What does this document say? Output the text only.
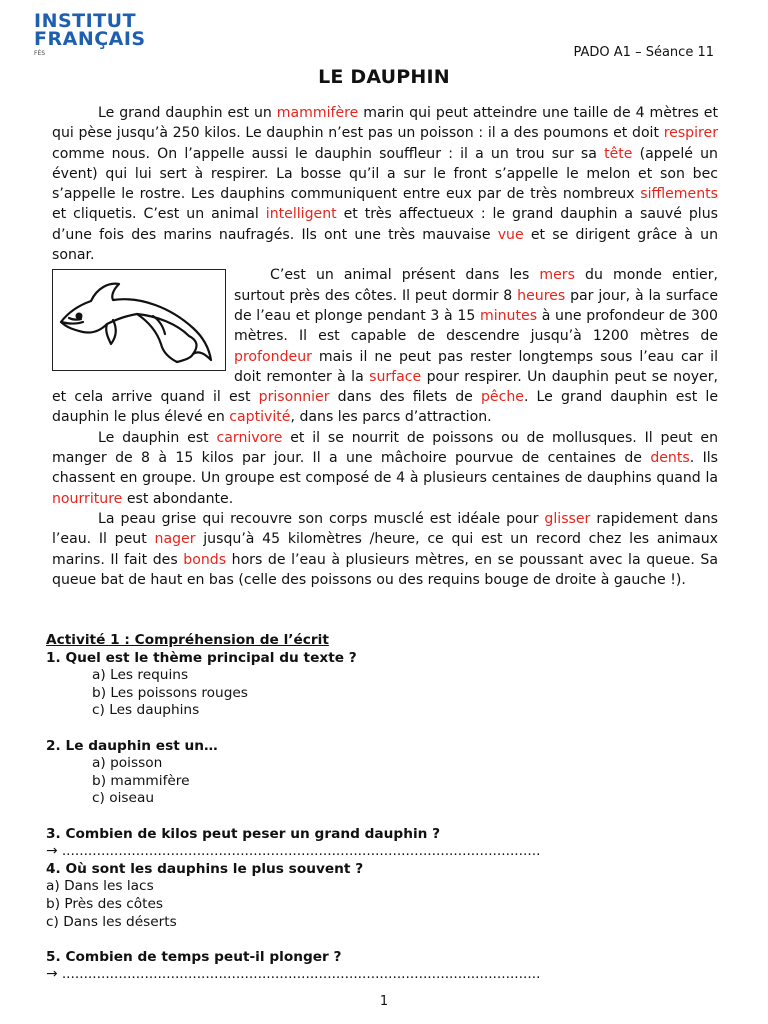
INSTITUT
FRANÇAIS
FÈS	PADO A1 – Séance 11
LE DAUPHIN

Le grand dauphin est un mammifère marin qui peut atteindre une taille de 4 mètres et qui pèse jusqu’à 250 kilos. Le dauphin n’est pas un poisson : il a des poumons et doit respirer comme nous. On l’appelle aussi le dauphin souffleur : il a un trou sur sa tête (appelé un évent) qui lui sert à respirer. La bosse qu’il a sur le front s’appelle le melon et son bec s’appelle le rostre. Les dauphins communiquent entre eux par de très nombreux sifflements et cliquetis. C’est un animal intelligent et très affectueux : le grand dauphin a sauvé plus d’une fois des marins naufragés. Ils ont une très mauvaise vue et se dirigent grâce à un sonar.

C’est un animal présent dans les mers du monde entier, surtout près des côtes. Il peut dormir 8 heures par jour, à la surface de l’eau et plonge pendant 3 à 15 minutes à une profondeur de 300 mètres. Il est capable de descendre jusqu’à 1200 mètres de profondeur mais il ne peut pas rester longtemps sous l’eau car il doit remonter à la surface pour respirer. Un dauphin peut se noyer, et cela arrive quand il est prisonnier dans des filets de pêche. Le grand dauphin est le dauphin le plus élevé en captivité, dans les parcs d’attraction.

Le dauphin est carnivore et il se nourrit de poissons ou de mollusques. Il peut en manger de 8 à 15 kilos par jour. Il a une mâchoire pourvue de centaines de dents. Ils chassent en groupe. Un groupe est composé de 4 à plusieurs centaines de dauphins quand la nourriture est abondante.

La peau grise qui recouvre son corps musclé est idéale pour glisser rapidement dans l’eau. Il peut nager jusqu’à 45 kilomètres /heure, ce qui est un record chez les animaux marins. Il fait des bonds hors de l’eau à plusieurs mètres, en se poussant avec la queue. Sa queue bat de haut en bas (celle des poissons ou des requins bouge de droite à gauche !).

Activité 1 : Compréhension de l’écrit
1. Quel est le thème principal du texte ?
a) Les requins
b) Les poissons rouges
c) Les dauphins
2. Le dauphin est un…
a) poisson
b) mammifère
c) oiseau
3. Combien de kilos peut peser un grand dauphin ?
→ ..............................................................................................................
4. Où sont les dauphins le plus souvent ?
a) Dans les lacs
b) Près des côtes
c) Dans les déserts
5. Combien de temps peut-il plonger ?
→ ..............................................................................................................
1
